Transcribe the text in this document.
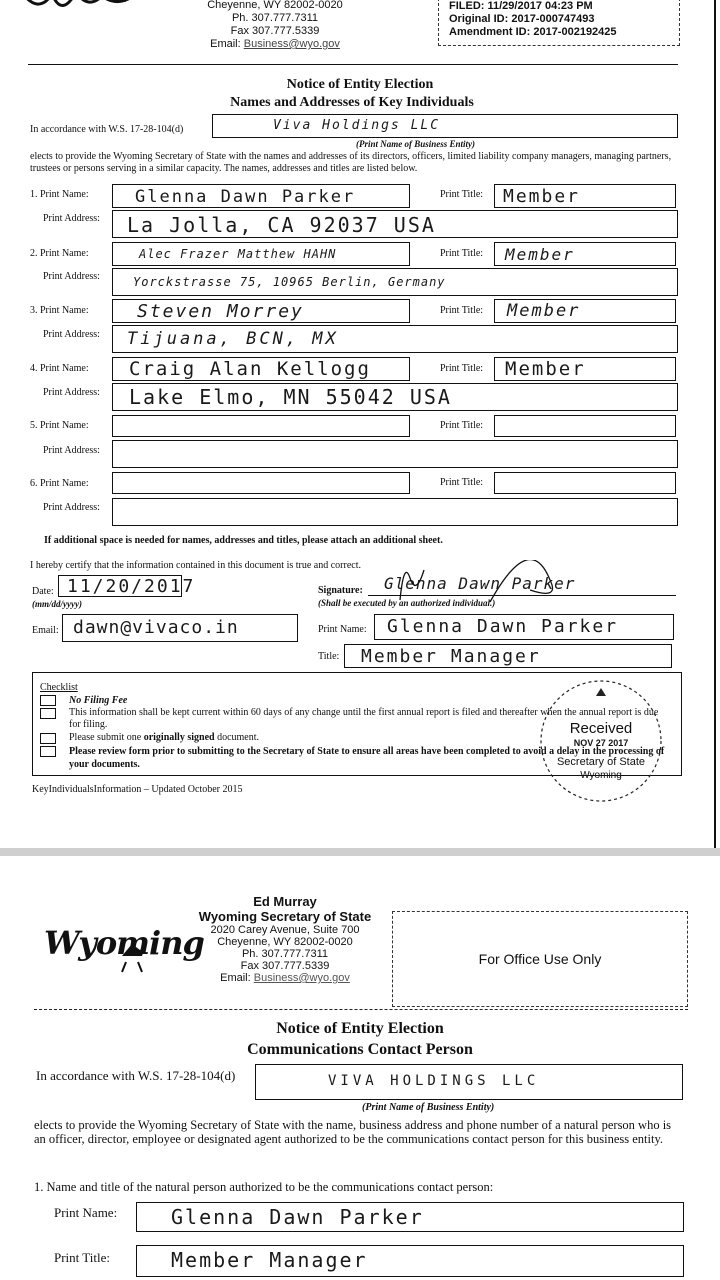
Cheyenne, WY 82002-0020
Ph. 307.777.7311
Fax 307.777.5339
Email: Business@wyo.gov
FILED: 11/29/2017 04:23 PM
Original ID: 2017-000747493
Amendment ID: 2017-002192425
Notice of Entity Election
Names and Addresses of Key Individuals
In accordance with W.S. 17-28-104(d)	Viva Holdings LLC
(Print Name of Business Entity)
elects to provide the Wyoming Secretary of State with the names and addresses of its directors, officers, limited liability company managers, managing partners, trustees or persons serving in a similar capacity. The names, addresses and titles are listed below.
1. Print Name:	Glenna Dawn Parker	Print Title: Member
Print Address: La Jolla, CA 92037 USA
2. Print Name:	Alec Frazer Matthew HAHN	Print Title: Member
Print Address:	Yorckstrasse 75, 10965 Berlin, Germany
3. Print Name:	Steven Morrey	Print Title: Member
Print Address: Tijuana, BCN, MX
4. Print Name: Craig Alan Kellogg	Print Title: Member
Print Address: Lake Elmo, MN 55042 USA
5. Print Name:	Print Title:
Print Address:
6. Print Name:	Print Title:
Print Address:
If additional space is needed for names, addresses and titles, please attach an additional sheet.
I hereby certify that the information contained in this document is true and correct.
Date: 11/20/2017
(mm/dd/yyyy)
Signature:
(Shall be executed by an authorized individual.)
Glenna Dawn Parker
Email: dawn@vivaco.in	Print Name: Glenna Dawn Parker
Title: Member Manager
Checklist
No Filing Fee
This information shall be kept current within 60 days of any change until the first annual report is filed and thereafter when the annual report is due for filing.
Please submit one originally signed document.
Please review form prior to submitting to the Secretary of State to ensure all areas have been completed to avoid a delay in the processing of your documents.
Received
NOV 27 2017
Secretary of State
Wyoming
KeyIndividualsInformation – Updated October 2015
Wyoming
Ed Murray
Wyoming Secretary of State
2020 Carey Avenue, Suite 700
Cheyenne, WY 82002-0020
Ph. 307.777.7311
Fax 307.777.5339
Email: Business@wyo.gov
For Office Use Only
Notice of Entity Election
Communications Contact Person
In accordance with W.S. 17-28-104(d)	VIVA HOLDINGS LLC
(Print Name of Business Entity)
elects to provide the Wyoming Secretary of State with the name, business address and phone number of a natural person who is an officer, director, employee or designated agent authorized to be the communications contact person for this business entity.
1. Name and title of the natural person authorized to be the communications contact person:
Print Name:	Glenna Dawn Parker
Print Title:	Member Manager
